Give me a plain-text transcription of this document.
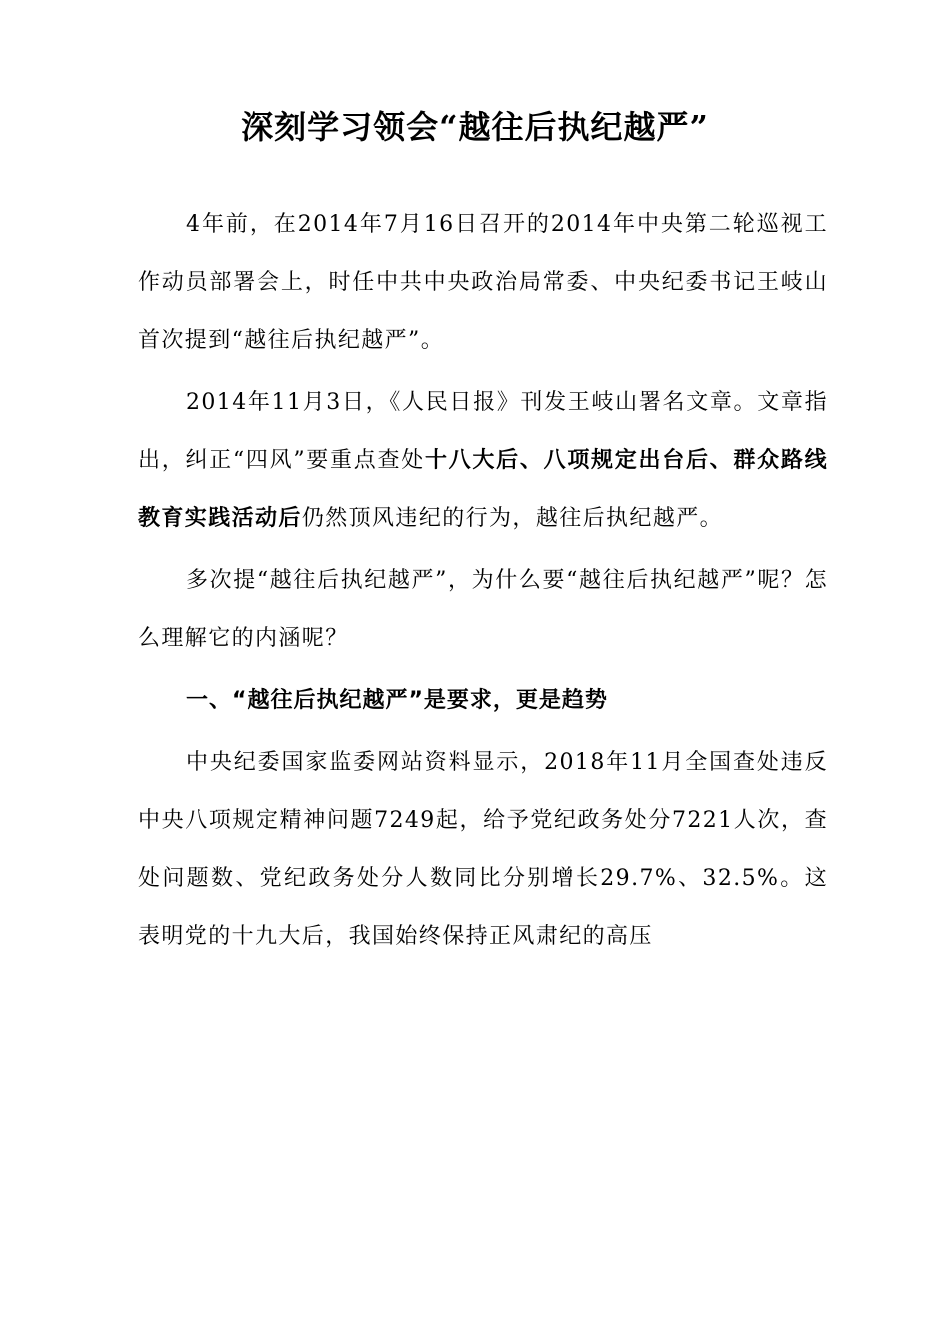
深刻学习领会“越往后执纪越严”

4年前，在2014年7月16日召开的2014年中央第二轮巡视工作动员部署会上，时任中共中央政治局常委、中央纪委书记王岐山首次提到“越往后执纪越严”。

2014年11月3日，《人民日报》刊发王岐山署名文章。文章指出，纠正“四风”要重点查处十八大后、八项规定出台后、群众路线教育实践活动后仍然顶风违纪的行为，越往后执纪越严。

多次提“越往后执纪越严”，为什么要“越往后执纪越严”呢？怎么理解它的内涵呢？

一、“越往后执纪越严”是要求，更是趋势

中央纪委国家监委网站资料显示，2018年11月全国查处违反中央八项规定精神问题7249起，给予党纪政务处分7221人次，查处问题数、党纪政务处分人数同比分别增长29.7%、32.5%。这表明党的十九大后，我国始终保持正风肃纪的高压
